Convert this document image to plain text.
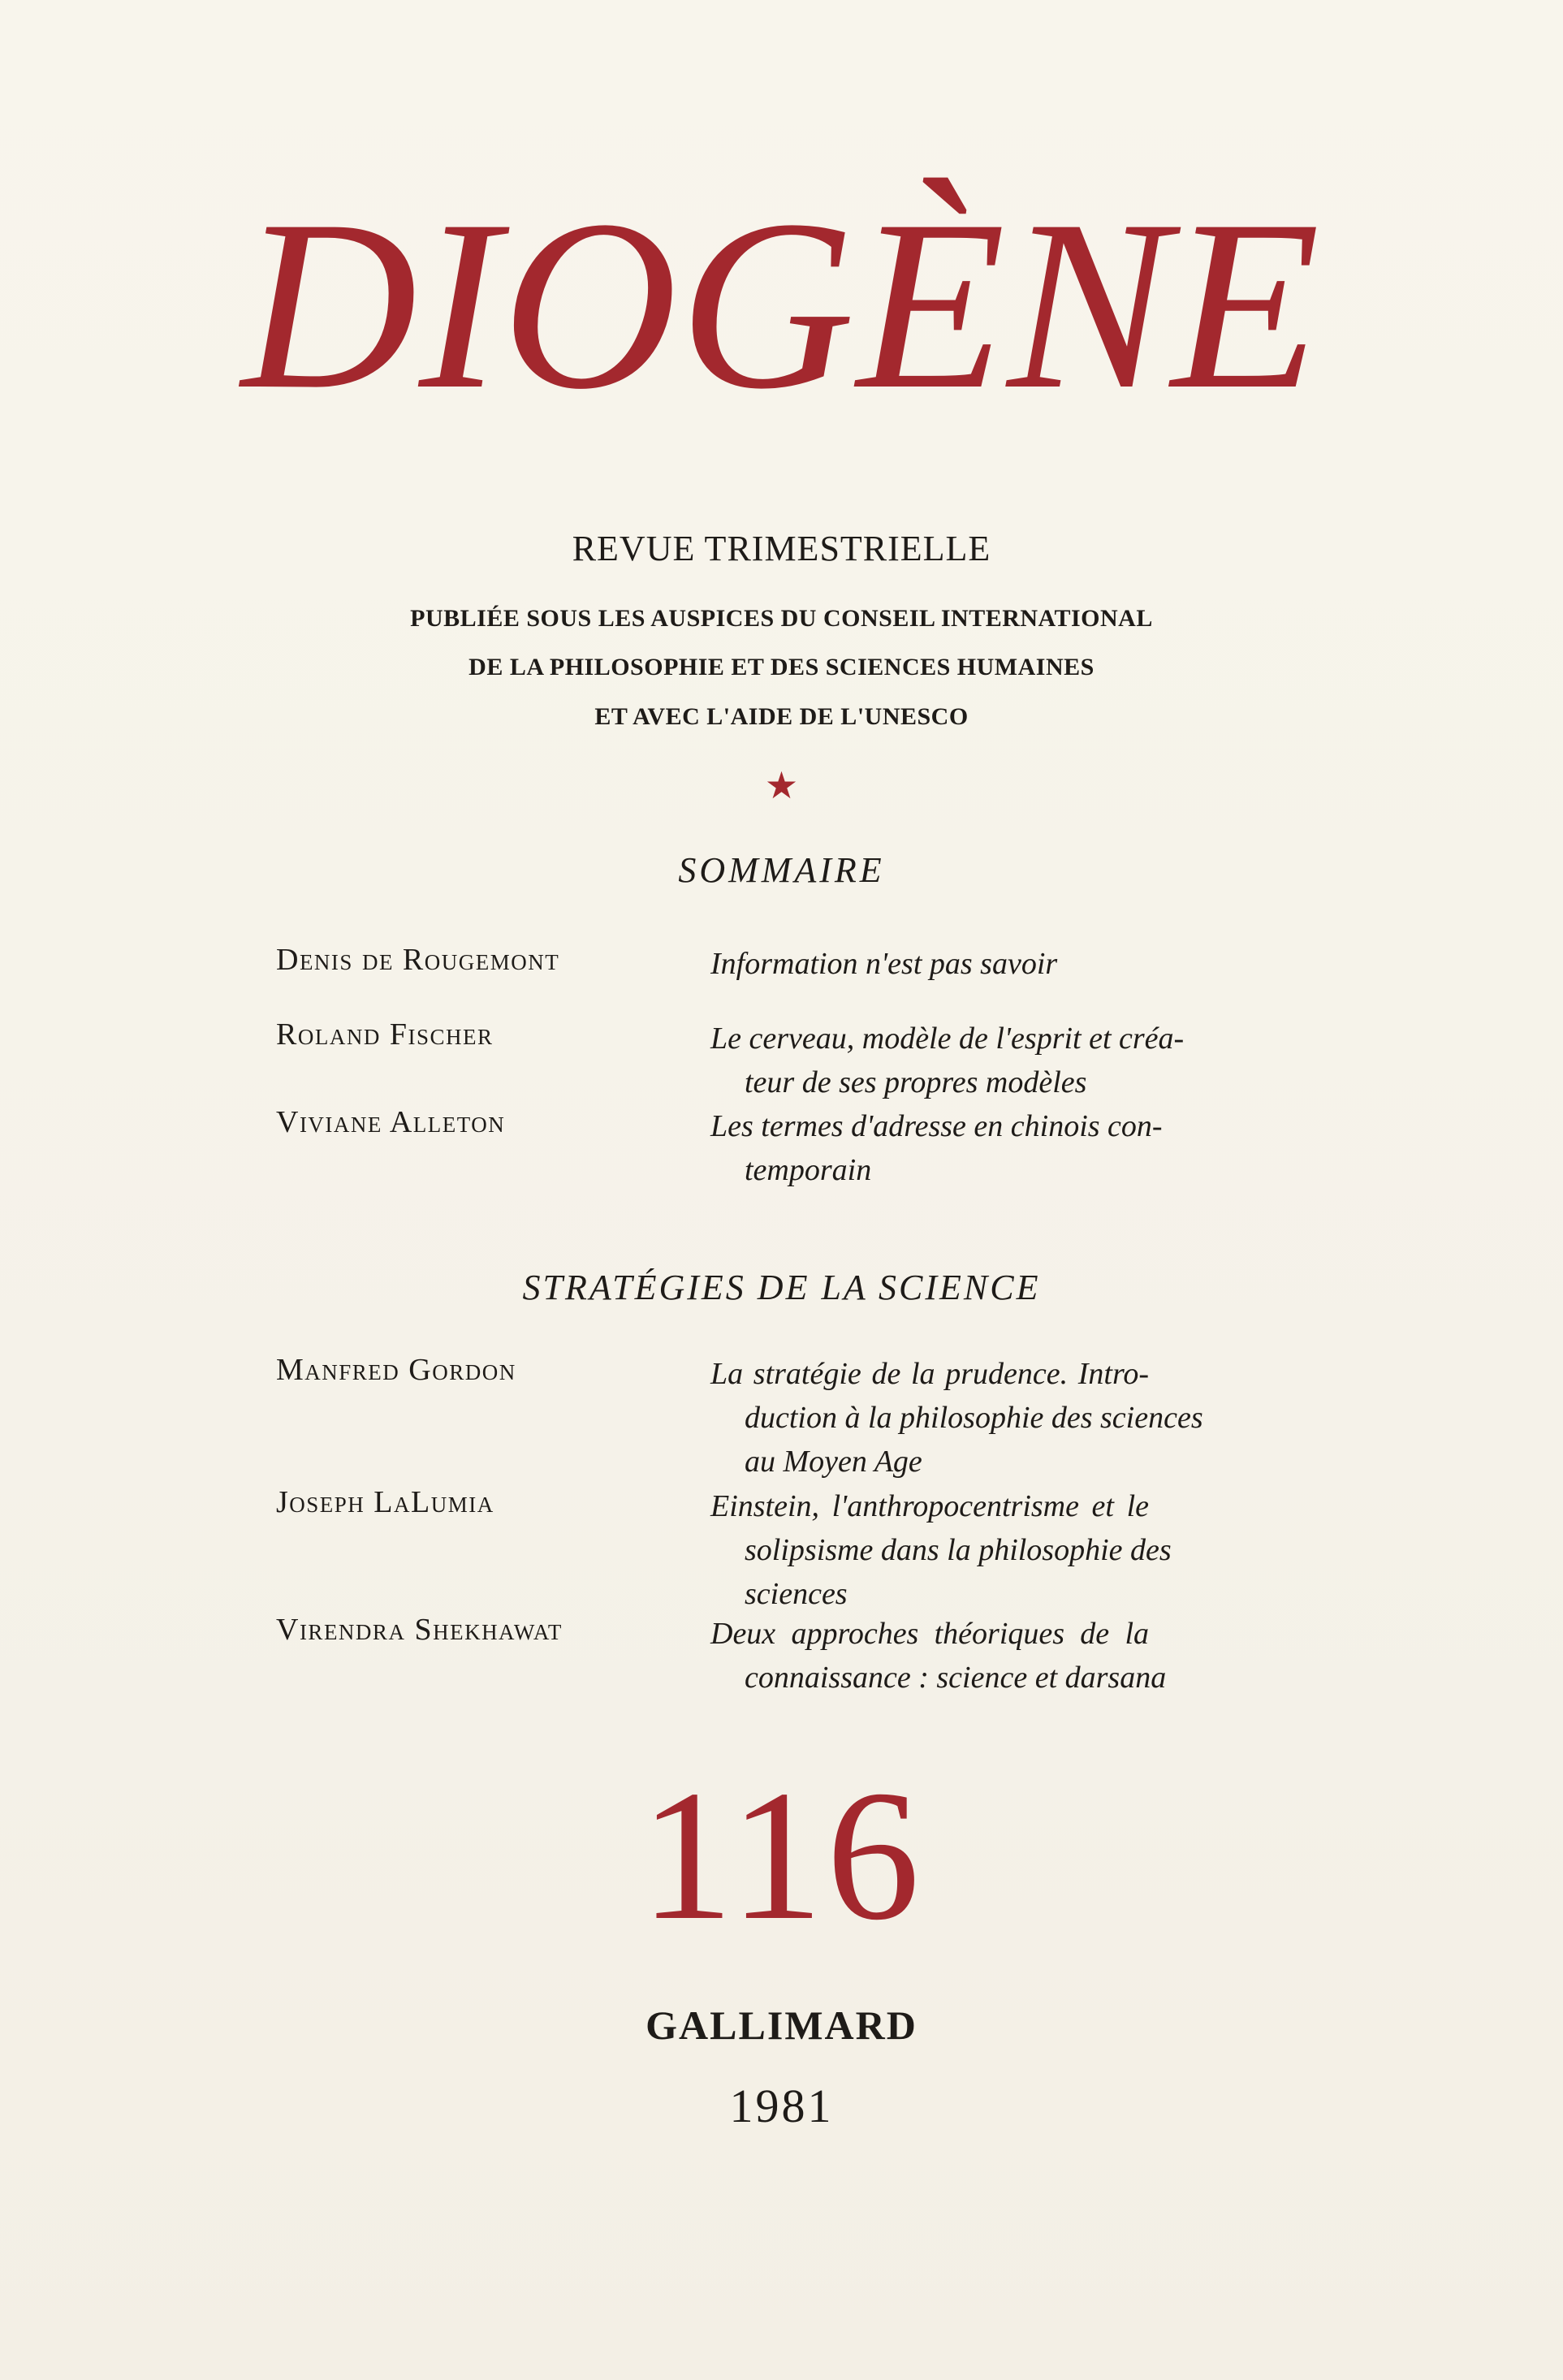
DIOGÈNE
REVUE TRIMESTRIELLE
PUBLIÉE SOUS LES AUSPICES DU CONSEIL INTERNATIONAL
DE LA PHILOSOPHIE ET DES SCIENCES HUMAINES
ET AVEC L'AIDE DE L'UNESCO
★
SOMMAIRE
Denis de Rougemont	Information n'est pas savoir
Roland Fischer	Le cerveau, modèle de l'esprit et créa-
teur de ses propres modèles
Viviane Alleton	Les termes d'adresse en chinois con-
temporain
STRATÉGIES DE LA SCIENCE
Manfred Gordon	La stratégie de la prudence. Intro-
duction à la philosophie des sciences
au Moyen Age
Joseph LaLumia	Einstein, l'anthropocentrisme et le
solipsisme dans la philosophie des
sciences
Virendra Shekhawat	Deux approches théoriques de la
connaissance : science et darsana
116
GALLIMARD
1981
